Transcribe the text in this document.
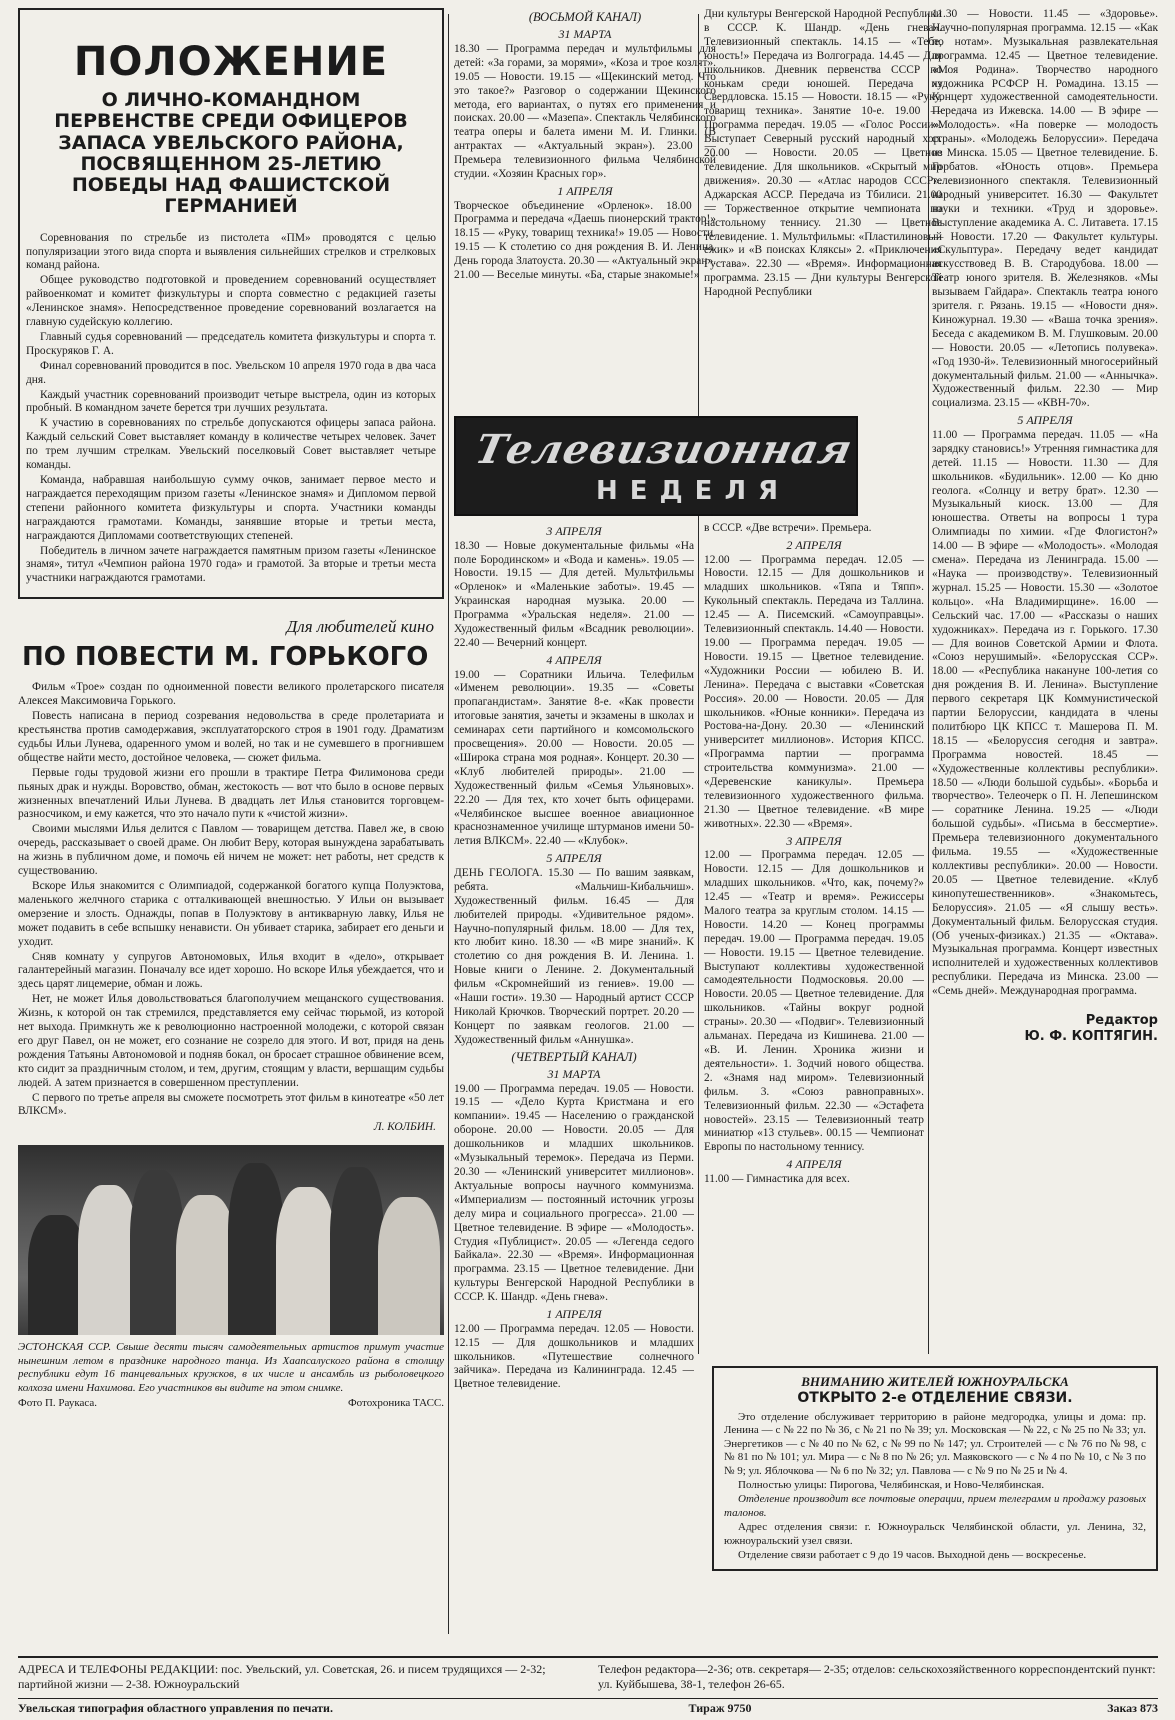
ПОЛОЖЕНИЕ
О ЛИЧНО-КОМАНДНОМ ПЕРВЕНСТВЕ СРЕДИ ОФИЦЕРОВ ЗАПАСА УВЕЛЬСКОГО РАЙОНА, ПОСВЯЩЕННОМ 25-ЛЕТИЮ ПОБЕДЫ НАД ФАШИСТСКОЙ ГЕРМАНИЕЙ

Соревнования по стрельбе из пистолета «ПМ» проводятся с целью популяризации этого вида спорта и выявления сильнейших стрелков и стрелковых команд района.

Общее руководство подготовкой и проведением соревнований осуществляет райвоенкомат и комитет физкультуры и спорта совместно с редакцией газеты «Ленинское знамя». Непосредственное проведение соревнований возлагается на главную судейскую коллегию.

Главный судья соревнований — председатель комитета физкультуры и спорта т. Проскуряков Г. А.

Финал соревнований проводится в пос. Увельском 10 апреля 1970 года в два часа дня.

Каждый участник соревнований производит четыре выстрела, один из которых пробный. В командном зачете берется три лучших результата.

К участию в соревнованиях по стрельбе допускаются офицеры запаса района. Каждый сельский Совет выставляет команду в количестве четырех человек. Зачет по трем лучшим стрелкам. Увельский поселковый Совет выставляет четыре команды.

Команда, набравшая наибольшую сумму очков, занимает первое место и награждается переходящим призом газеты «Ленинское знамя» и Дипломом первой степени районного комитета физкультуры и спорта. Участники команды награждаются грамотами. Команды, занявшие вторые и третьи места, награждаются Дипломами соответствующих степеней.

Победитель в личном зачете награждается памятным призом газеты «Ленинское знамя», титул «Чемпион района 1970 года» и грамотой. За вторые и третьи места участники награждаются грамотами.

Для любителей кино
ПО ПОВЕСТИ М. ГОРЬКОГО

Фильм «Трое» создан по одноименной повести великого пролетарского писателя Алексея Максимовича Горького.

Повесть написана в период созревания недовольства в среде пролетариата и крестьянства против самодержавия, эксплуататорского строя в 1901 году. Драматизм судьбы Ильи Лунева, одаренного умом и волей, но так и не сумевшего в прогнившем обществе найти место, достойное человека, — сюжет фильма.

Первые годы трудовой жизни его прошли в трактире Петра Филимонова среди пьяных драк и нужды. Воровство, обман, жестокость — вот что было в основе первых жизненных впечатлений Ильи Лунева. В двадцать лет Илья становится торговцем-разносчиком, и ему кажется, что это начало пути к «чистой жизни».

Своими мыслями Илья делится с Павлом — товарищем детства. Павел же, в свою очередь, рассказывает о своей драме. Он любит Веру, которая вынуждена зарабатывать на жизнь в публичном доме, и помочь ей ничем не может: нет работы, нет средств к существованию.

Вскоре Илья знакомится с Олимпиадой, содержанкой богатого купца Полуэктова, маленького желчного старика с отталкивающей внешностью. У Ильи он вызывает омерзение и злость. Однажды, попав в Полуэктову в антикварную лавку, Илья не может подавить в себе вспышку ненависти. Он убивает старика, забирает его деньги и уходит.

Сняв комнату у супругов Автономовых, Илья входит в «дело», открывает галантерейный магазин. Поначалу все идет хорошо. Но вскоре Илья убеждается, что и здесь царят лицемерие, обман и ложь.

Нет, не может Илья довольствоваться благополучием мещанского существования. Жизнь, к которой он так стремился, представляется ему сейчас тюрьмой, из которой нет выхода. Примкнуть же к революционно настроенной молодежи, с которой связан его друг Павел, он не может, его сознание не созрело для этого. И вот, придя на день рождения Татьяны Автономовой и подняв бокал, он бросает страшное обвинение всем, кто сидит за праздничным столом, и тем, другим, стоящим у власти, вершащим судьбы людей. А затем признается в совершенном преступлении.

С первого по третье апреля вы сможете посмотреть этот фильм в кинотеатре «50 лет ВЛКСМ».

Л. КОЛБИН.
ЭСТОНСКАЯ ССР. Свыше десяти тысяч самодеятельных артистов примут участие нынешним летом в празднике народного танца. Из Хаапсалуского района в столицу республики едут 16 танцевальных кружков, в их числе и ансамбль из рыболовецкого колхоза имени Нахимова. Его участников вы видите на этом снимке.
Фото П. Раукаса.	Фотохроника ТАСС.
(ВОСЬМОЙ КАНАЛ)
31 МАРТА
18.30 — Программа передач и мультфильмы для детей: «За горами, за морями», «Коза и трое козлят». 19.05 — Новости. 19.15 — «Щекинский метод. Что это такое?» Разговор о содержании Щекинского метода, его вариантах, о путях его применения и поисках. 20.00 — «Мазепа». Спектакль Челябинского театра оперы и балета имени М. И. Глинки. (В антрактах — «Актуальный экран»). 23.00 — Премьера телевизионного фильма Челябинской студии. «Хозяин Красных гор».
1 АПРЕЛЯ
Творческое объединение «Орленок». 18.00 — Программа и передача «Даешь пионерский трактор!» 18.15 — «Руку, товарищ техника!» 19.05 — Новости. 19.15 — К столетию со дня рождения В. И. Ленина. День города Златоуста. 20.30 — «Актуальный экран». 21.00 — Веселые минуты. «Ба, старые знакомые!»
Дни культуры Венгерской Народной Республики в СССР. К. Шандр. «День гнева». Телевизионный спектакль. 14.15 — «Тебе, юность!» Передача из Волгограда. 14.45 — Для школьников. Дневник первенства СССР по конькам среди юношей. Передача из Свердловска. 15.15 — Новости. 18.15 — «Руку, товарищ техника». Занятие 10-е. 19.00 — Программа передач. 19.05 — «Голос России». Выступает Северный русский народный хор. 20.00 — Новости. 20.05 — Цветное телевидение. Для школьников. «Скрытый мир движения». 20.30 — «Атлас народов СССР». Аджарская АССР. Передача из Тбилиси. 21.00 — Торжественное открытие чемпионата по настольному теннису. 21.30 — Цветное телевидение. 1. Мультфильмы: «Пластилиновый ежик» и «В поисках Кляксы» 2. «Приключения Густава». 22.30 — «Время». Информационная программа. 23.15 — Дни культуры Венгерской Народной Республики
Телевизионная
НЕДЕЛЯ
3 АПРЕЛЯ
18.30 — Новые документальные фильмы «На поле Бородинском» и «Вода и камень». 19.05 — Новости. 19.15 — Для детей. Мультфильмы «Орленок» и «Маленькие заботы». 19.45 — Украинская народная музыка. 20.00 — Программа «Уральская неделя». 21.00 — Художественный фильм «Всадник революции». 22.40 — Вечерний концерт.
4 АПРЕЛЯ
19.00 — Соратники Ильича. Телефильм «Именем революции». 19.35 — «Советы пропагандистам». Занятие 8-е. «Как провести итоговые занятия, зачеты и экзамены в школах и семинарах сети партийного и комсомольского просвещения». 20.00 — Новости. 20.05 — «Широка страна моя родная». Концерт. 20.30 — «Клуб любителей природы». 21.00 — Художественный фильм «Семья Ульяновых». 22.20 — Для тех, кто хочет быть офицерами. «Челябинское высшее военное авиационное краснознаменное училище штурманов имени 50-летия ВЛКСМ». 22.40 — «Клубок».
5 АПРЕЛЯ
ДЕНЬ ГЕОЛОГА. 15.30 — По вашим заявкам, ребята. «Мальчиш-Кибальчиш». Художественный фильм. 16.45 — Для любителей природы. «Удивительное рядом». Научно-популярный фильм. 18.00 — Для тех, кто любит кино. 18.30 — «В мире знаний». К столетию со дня рождения В. И. Ленина. 1. Новые книги о Ленине. 2. Документальный фильм «Скромнейший из гениев». 19.00 — «Наши гости». 19.30 — Народный артист СССР Николай Крючков. Творческий портрет. 20.20 — Концерт по заявкам геологов. 21.00 — Художественный фильм «Аннушка».
(ЧЕТВЕРТЫЙ КАНАЛ)
31 МАРТА
19.00 — Программа передач. 19.05 — Новости. 19.15 — «Дело Курта Кристмана и его компании». 19.45 — Населению о гражданской обороне. 20.00 — Новости. 20.05 — Для дошкольников и младших школьников. «Музыкальный теремок». Передача из Перми. 20.30 — «Ленинский университет миллионов». Актуальные вопросы научного коммунизма. «Империализм — постоянный источник угрозы делу мира и социального прогресса». 21.00 — Цветное телевидение. В эфире — «Молодость». Студия «Публицист». 20.05 — «Легенда седого Байкала». 22.30 — «Время». Информационная программа. 23.15 — Цветное телевидение. Дни культуры Венгерской Народной Республики в СССР. К. Шандр. «День гнева».
1 АПРЕЛЯ
12.00 — Программа передач. 12.05 — Новости. 12.15 — Для дошкольников и младших школьников. «Путешествие солнечного зайчика». Передача из Калининграда. 12.45 — Цветное телевидение.
в СССР. «Две встречи». Премьера.
2 АПРЕЛЯ
12.00 — Программа передач. 12.05 — Новости. 12.15 — Для дошкольников и младших школьников. «Тяпа и Тяпп». Кукольный спектакль. Передача из Таллина. 12.45 — А. Писемский. «Самоуправцы». Телевизионный спектакль. 14.40 — Новости. 19.00 — Программа передач. 19.05 — Новости. 19.15 — Цветное телевидение. «Художники России — юбилею В. И. Ленина». Передача с выставки «Советская Россия». 20.00 — Новости. 20.05 — Для школьников. «Юные конники». Передача из Ростова-на-Дону. 20.30 — «Ленинский университет миллионов». История КПСС. «Программа партии — программа строительства коммунизма». 21.00 — «Деревенские каникулы». Премьера телевизионного художественного фильма. 21.30 — Цветное телевидение. «В мире животных». 22.30 — «Время».
3 АПРЕЛЯ
12.00 — Программа передач. 12.05 — Новости. 12.15 — Для дошкольников и младших школьников. «Что, как, почему?» 12.45 — «Театр и время». Режиссеры Малого театра за круглым столом. 14.15 — Новости. 14.20 — Конец программы передач. 19.00 — Программа передач. 19.05 — Новости. 19.15 — Цветное телевидение. Выступают коллективы художественной самодеятельности Подмосковья. 20.00 — Новости. 20.05 — Цветное телевидение. Для школьников. «Тайны вокруг родной страны». 20.30 — «Подвиг». Телевизионный альманах. Передача из Кишинева. 21.00 — «В. И. Ленин. Хроника жизни и деятельности». 1. Зодчий нового общества. 2. «Знамя над миром». Телевизионный фильм. 3. «Союз равноправных». Телевизионный фильм. 22.30 — «Эстафета новостей». 23.15 — Телевизионный театр миниатюр «13 стульев». 00.15 — Чемпионат Европы по настольному теннису.
4 АПРЕЛЯ
11.00 — Гимнастика для всех.
11.30 — Новости. 11.45 — «Здоровье». Научно-популярная программа. 12.15 — «Как по нотам». Музыкальная развлекательная программа. 12.45 — Цветное телевидение. «Моя Родина». Творчество народного художника РСФСР Н. Ромадина. 13.15 — Концерт художественной самодеятельности. Передача из Ижевска. 14.00 — В эфире — «Молодость». «На поверке — молодость страны». «Молодежь Белоруссии». Передача из Минска. 15.05 — Цветное телевидение. Б. Горбатов. «Юность отцов». Премьера телевизионного спектакля. Телевизионный народный университет. 16.30 — Факультет науки и техники. «Труд и здоровье». Выступление академика А. С. Литавета. 17.15 — Новости. 17.20 — Факультет культуры. «Скульптура». Передачу ведет кандидат искусствовед В. В. Стародубова. 18.00 — Театр юного зрителя. В. Железняков. «Мы вызываем Гайдара». Спектакль театра юного зрителя. г. Рязань. 19.15 — «Новости дня». Киножурнал. 19.30 — «Ваша точка зрения». Беседа с академиком В. М. Глушковым. 20.00 — Новости. 20.05 — «Летопись полувека». «Год 1930-й». Телевизионный многосерийный документальный фильм. 21.00 — «Аннычка». Художественный фильм. 22.30 — Мир социализма. 23.15 — «КВН-70».
5 АПРЕЛЯ
11.00 — Программа передач. 11.05 — «На зарядку становись!» Утренняя гимнастика для детей. 11.15 — Новости. 11.30 — Для школьников. «Будильник». 12.00 — Ко дню геолога. «Солнцу и ветру брат». 12.30 — Музыкальный киоск. 13.00 — Для юношества. Ответы на вопросы 1 тура Олимпиады по химии. «Где Флогистон?» 14.00 — В эфире — «Молодость». «Молодая смена». Передача из Ленинграда. 15.00 — «Наука — производству». Телевизионный журнал. 15.25 — Новости. 15.30 — «Золотое кольцо». «На Владимирщине». 16.00 — Сельский час. 17.00 — «Рассказы о наших художниках». Передача из г. Горького. 17.30 — Для воинов Советской Армии и Флота. «Союз нерушимый». «Белорусская ССР». 18.00 — «Республика накануне 100-летия со дня рождения В. И. Ленина». Выступление первого секретаря ЦК Коммунистической партии Белоруссии, кандидата в члены политбюро ЦК КПСС т. Машерова П. М. 18.15 — «Белоруссия сегодня и завтра». Программа новостей. 18.45 — «Художественные коллективы республики». 18.50 — «Люди большой судьбы». «Борьба и творчество». Телеочерк о П. Н. Лепешинском — соратнике Ленина. 19.25 — «Люди большой судьбы». «Письма в бессмертие». Премьера телевизионного документального фильма. 19.55 — «Художественные коллективы республики». 20.00 — Новости. 20.05 — Цветное телевидение. «Клуб кинопутешественников». «Знакомьтесь, Белоруссия». 21.05 — «Я слышу весть». Документальный фильм. Белорусская студия. (Об ученых-физиках.) 21.35 — «Октава». Музыкальная программа. Концерт известных исполнителей и художественных коллективов республики. Передача из Минска. 23.00 — «Семь дней». Международная программа.
Редактор
Ю. Ф. КОПТЯГИН.
ВНИМАНИЮ ЖИТЕЛЕЙ ЮЖНОУРАЛЬСКА
ОТКРЫТО 2-е ОТДЕЛЕНИЕ СВЯЗИ.

Это отделение обслуживает территорию в районе медгородка, улицы и дома: пр. Ленина — с № 22 по № 36, с № 21 по № 39; ул. Московская — № 22, с № 25 по № 33; ул. Энергетиков — с № 40 по № 62, с № 99 по № 147; ул. Строителей — с № 76 по № 98, с № 81 по № 101; ул. Мира — с № 8 по № 26; ул. Маяковского — с № 4 по № 10, с № 3 по № 9; ул. Яблочкова — № 6 по № 32; ул. Павлова — с № 9 по № 25 и № 4.

Полностью улицы: Пирогова, Челябинская, и Ново-Челябинская.

Отделение производит все почтовые операции, прием телеграмм и продажу разовых талонов.

Адрес отделения связи: г. Южноуральск Челябинской области, ул. Ленина, 32, южноуральский узел связи.

Отделение связи работает с 9 до 19 часов. Выходной день — воскресенье.

АДРЕСА И ТЕЛЕФОНЫ РЕДАКЦИИ: пос. Увельский, ул. Советская, 26. и писем трудящихся — 2-32; партийной жизни — 2-38. Южноуральский
Телефон редактора—2-36; отв. секретаря— 2-35; отделов: сельскохозяйственного корреспондентский пункт: ул. Куйбышева, 38-1, телефон 26-65.
Увельская типография областного управления по печати.	Тираж 9750	Заказ 873
